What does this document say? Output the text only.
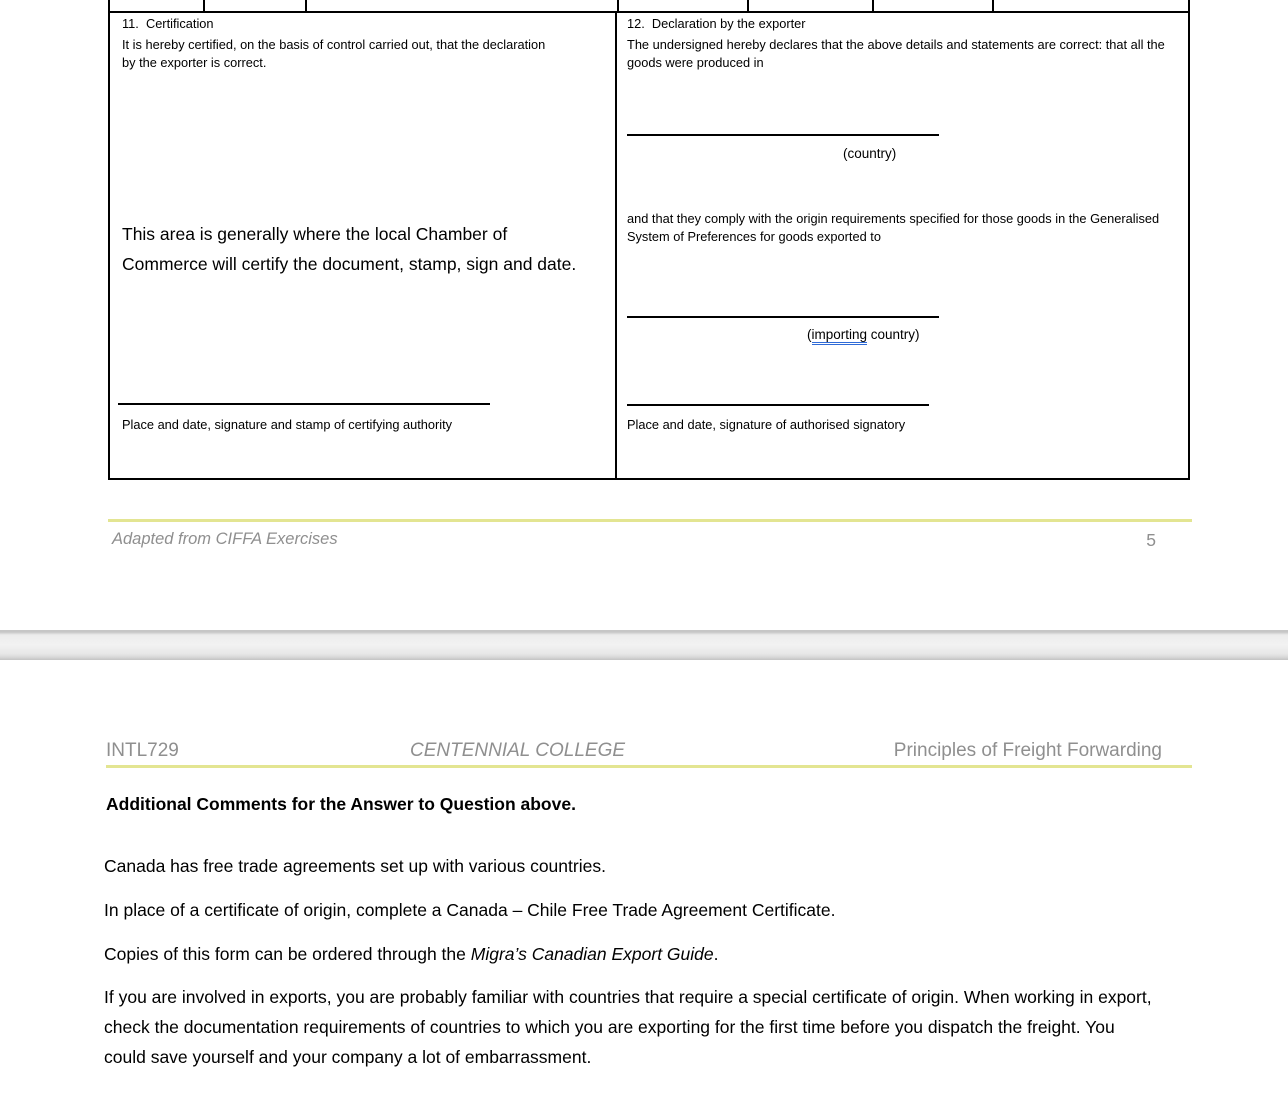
11.  Certification
It is hereby certified, on the basis of control carried out, that the declaration by the exporter is correct.
This area is generally where the local Chamber of Commerce will certify the document, stamp, sign and date.
Place and date, signature and stamp of certifying authority
12.  Declaration by the exporter
The undersigned hereby declares that the above details and statements are correct: that all the goods were produced in
(country)
and that they comply with the origin requirements specified for those goods in the Generalised System of Preferences for goods exported to
(importing country)
Place and date, signature of authorised signatory
Adapted from CIFFA Exercises	5
INTL729	CENTENNIAL COLLEGE	Principles of Freight Forwarding
Additional Comments for the Answer to Question above.
Canada has free trade agreements set up with various countries.
In place of a certificate of origin, complete a Canada – Chile Free Trade Agreement Certificate.
Copies of this form can be ordered through the Migra’s Canadian Export Guide.
If you are involved in exports, you are probably familiar with countries that require a special certificate of origin. When working in export, check the documentation requirements of countries to which you are exporting for the first time before you dispatch the freight. You could save yourself and your company a lot of embarrassment.
